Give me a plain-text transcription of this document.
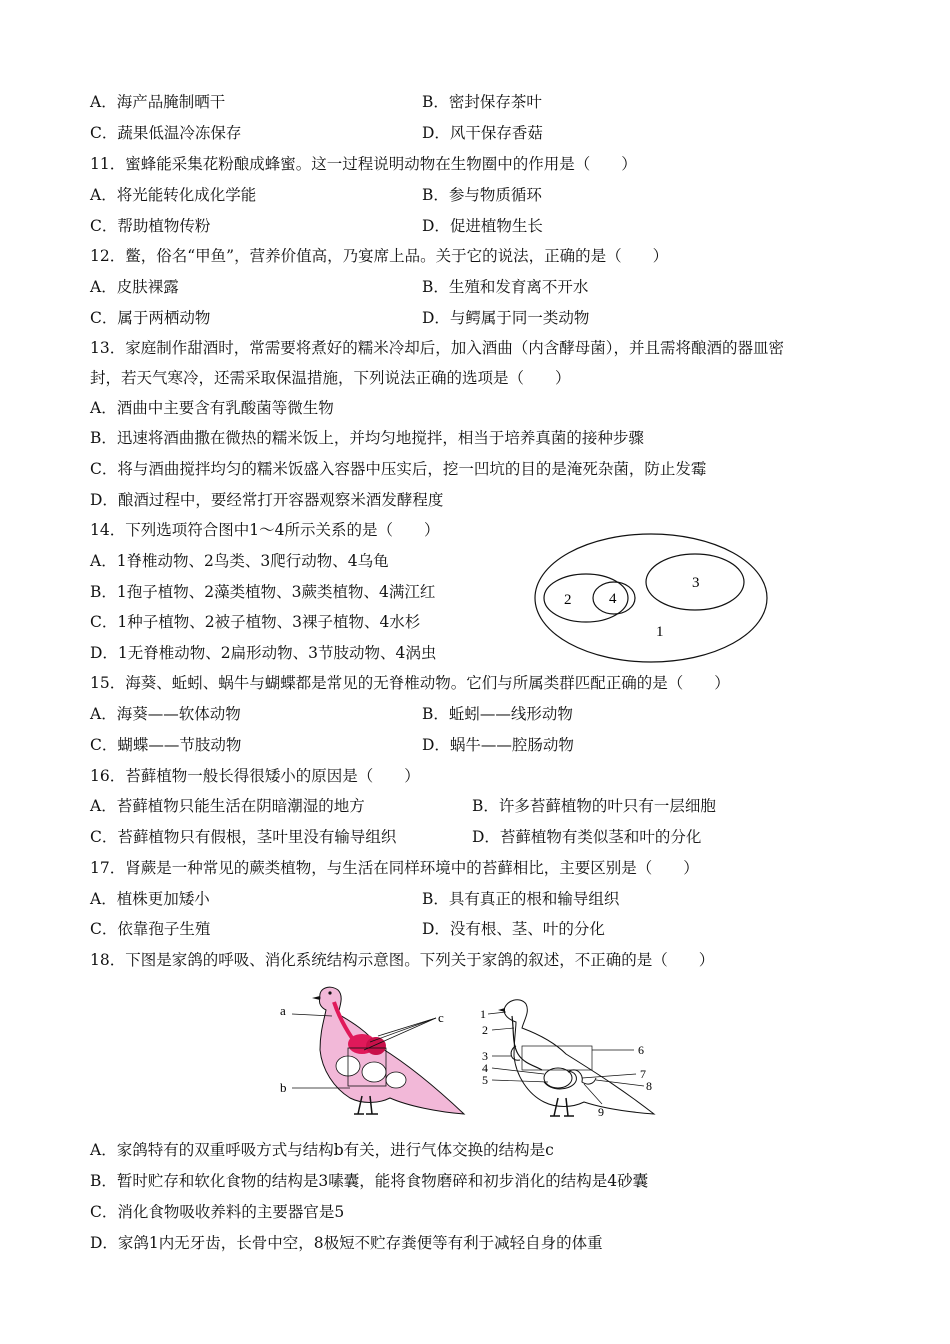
A．海产品腌制晒干	B．密封保存茶叶
C．蔬果低温冷冻保存	D．风干保存香菇
11．蜜蜂能采集花粉酿成蜂蜜。这一过程说明动物在生物圈中的作用是（　　）
A．将光能转化成化学能	B．参与物质循环
C．帮助植物传粉	D．促进植物生长
12．鳖，俗名“甲鱼”，营养价值高，乃宴席上品。关于它的说法，正确的是（　　）
A．皮肤裸露	B．生殖和发育离不开水
C．属于两栖动物	D．与鳄属于同一类动物
13．家庭制作甜酒时，常需要将煮好的糯米冷却后，加入酒曲（内含酵母菌），并且需将酿酒的器皿密
封，若天气寒冷，还需采取保温措施，下列说法正确的选项是（　　）
A．酒曲中主要含有乳酸菌等微生物
B．迅速将酒曲撒在微热的糯米饭上，并均匀地搅拌，相当于培养真菌的接种步骤
C．将与酒曲搅拌均匀的糯米饭盛入容器中压实后，挖一凹坑的目的是淹死杂菌，防止发霉
D．酿酒过程中，要经常打开容器观察米酒发酵程度
14．下列选项符合图中1～4所示关系的是（　　）
A．1脊椎动物、2鸟类、3爬行动物、4乌龟
B．1孢子植物、2藻类植物、3蕨类植物、4满江红
C．1种子植物、2被子植物、3裸子植物、4水杉
D．1无脊椎动物、2扁形动物、3节肢动物、4涡虫
2	4
3
1
15．海葵、蚯蚓、蜗牛与蝴蝶都是常见的无脊椎动物。它们与所属类群匹配正确的是（　　）
A．海葵——软体动物	B．蚯蚓——线形动物
C．蝴蝶——节肢动物	D．蜗牛——腔肠动物
16．苔藓植物一般长得很矮小的原因是（　　）
A．苔藓植物只能生活在阴暗潮湿的地方	B．许多苔藓植物的叶只有一层细胞
C．苔藓植物只有假根，茎叶里没有输导组织	D．苔藓植物有类似茎和叶的分化
17．肾蕨是一种常见的蕨类植物，与生活在同样环境中的苔藓相比，主要区别是（　　）
A．植株更加矮小	B．具有真正的根和输导组织
C．依靠孢子生殖	D．没有根、茎、叶的分化
18．下图是家鸽的呼吸、消化系统结构示意图。下列关于家鸽的叙述，不正确的是（　　）
a
b
c	1
2
3
4
5
6
7
8
9
A．家鸽特有的双重呼吸方式与结构b有关，进行气体交换的结构是c
B．暂时贮存和软化食物的结构是3嗉囊，能将食物磨碎和初步消化的结构是4砂囊
C．消化食物吸收养料的主要器官是5
D．家鸽1内无牙齿，长骨中空，8极短不贮存粪便等有利于减轻自身的体重
